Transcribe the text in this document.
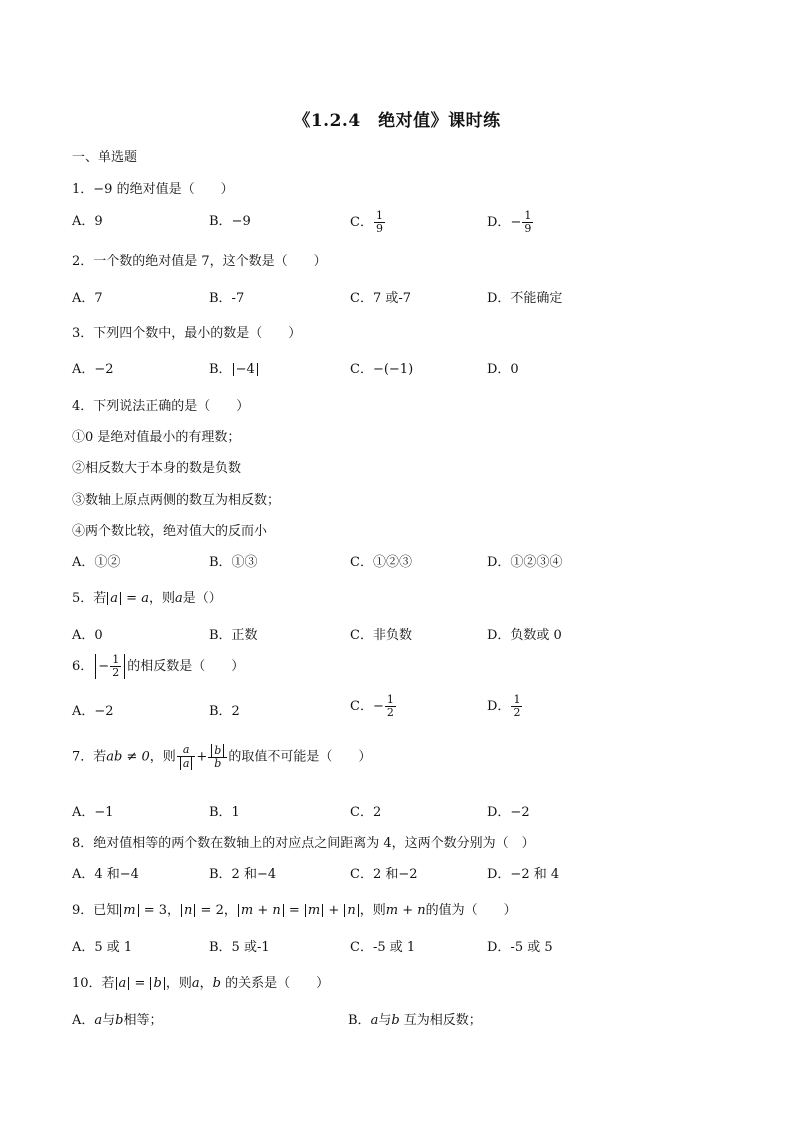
《1.2.4　绝对值》课时练
一、单选题
1．−9 的绝对值是（　　）
A．9	B．−9	C． $\frac{1}{9}$	D．− $\frac{1}{9}$
2．一个数的绝对值是 7，这个数是（　　）
A．7	B．-7	C．7 或-7	D．不能确定
3．下列四个数中，最小的数是（　　）
A．−2	B． −4	C．−(−1)	D．0
4．下列说法正确的是（　　）
①0 是绝对值最小的有理数；
②相反数大于本身的数是负数
③数轴上原点两侧的数互为相反数；
④两个数比较，绝对值大的反而小
A．①②	B．①③	C．①②③	D．①②③④
5．若 a = a，则a是（）
A．0	B．正数	C．非负数	D．负数或 0
6． − $\frac{1}{2}$ 的相反数是（　　）
A．−2	B．2	C．− $\frac{1}{2}$	D． $\frac{1}{2}$
7．若ab ≠ 0，则 $\frac{a}{a} + \frac{b}{b}$ 的取值不可能是（　　）
A．−1	B．1	C．2	D．−2
8．绝对值相等的两个数在数轴上的对应点之间距离为 4，这两个数分别为（　）
A．4 和−4	B．2 和−4	C．2 和−2	D．−2 和 4
9．已知 m = 3， n = 2， m + n = m + n ，则m + n的值为（　　）
A．5 或 1	B．5 或-1	C．-5 或 1	D．-5 或 5
10．若 a = b ，则a，b 的关系是（　　）
A．a与b相等；	B．a与b 互为相反数；
